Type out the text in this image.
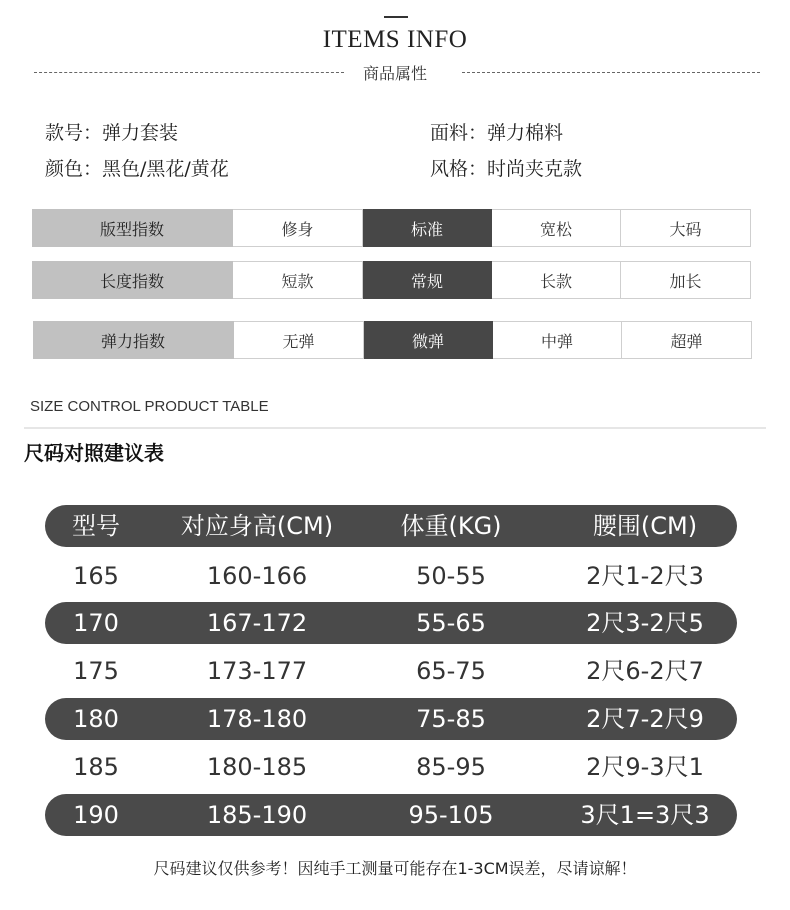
ITEMS INFO
商品属性
款号：弹力套装	面料：弹力棉料
颜色：黑色/黑花/黄花	风格：时尚夹克款
版型指数	修身	标准	宽松	大码
长度指数	短款	常规	长款	加长
弹力指数	无弹	微弹	中弹	超弹
SIZE CONTROL PRODUCT TABLE
尺码对照建议表
型号	对应身高(CM)	体重(KG)	腰围(CM)
165	160-166	50-55	2尺1-2尺3
170	167-172	55-65	2尺3-2尺5
175	173-177	65-75	2尺6-2尺7
180	178-180	75-85	2尺7-2尺9
185	180-185	85-95	2尺9-3尺1
190	185-190	95-105	3尺1=3尺3
尺码建议仅供参考！因纯手工测量可能存在1-3CM误差，尽请谅解！
